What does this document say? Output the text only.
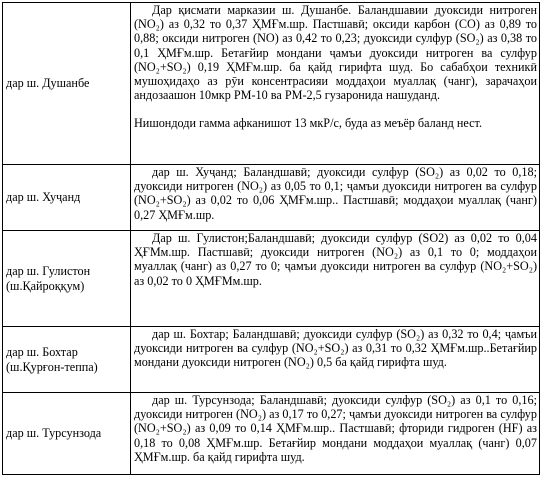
дар ш. Душанбе	Дар қисмати марказии ш. Душанбе. Баландшавии дуоксиди нитроген (NO₂) аз 0,32 то 0,37 ҲМҒм.шр. Пастшавӣ; оксиди карбон (СО) аз 0,89 то 0,88; оксиди нитроген (NO) аз 0,42 то 0,23; дуоксиди сулфур (SO₂) аз 0,38 то 0,1 ҲМҒм.шр. Бетағйир мондани ҷамъи дуоксиди нитроген ва сулфур (NO₂+SO₂) 0,19 ҲМҒм.шр. ба қайд гирифта шуд. Бо сабабҳои техникӣ мушоҳидаҳо аз рӯи консентрасияи моддаҳои муаллақ (чанг), зарачаҳои андозаашон 10мкр РМ-10 ва РМ-2,5 гузаронида нашуданд.

Нишондоди гамма афканишот 13 мкР/с, буда аз меъёр баланд нест.

дар ш. Хуҷанд	дар ш. Хуҷанд; Баландшавӣ; дуоксиди сулфур (SO₂) аз 0,02 то 0,18; дуоксиди нитроген (NO₂) аз 0,05 то 0,1; ҷамъи дуоксиди нитроген ва сулфур (NO₂+SO₂) аз 0,02 то 0,06 ҲМҒм.шр.. Пастшавӣ; моддаҳои муаллақ (чанг) 0,27 ҲМҒм.шр.

дар ш. Гулистон (ш.Қайроққум)	Дар ш. Гулистон;Баландшавӣ; дуоксиди сулфур (SO2) аз 0,02 то 0,04 ҲҒМм.шр. Пастшавӣ; дуоксиди нитроген (NO₂) аз 0,1 то 0; моддаҳои муаллақ (чанг) аз 0,27 то 0; ҷамъи дуоксиди нитроген ва сулфур (NO₂+SO₂) аз 0,02 то 0 ҲМҒМм.шр.

дар ш. Бохтар (ш.Қурғон-теппа)	дар ш. Бохтар; Баландшавӣ; дуоксиди сулфур (SO₂) аз 0,32 то 0,4; ҷамъи дуоксиди нитроген ва сулфур (NO₂+SO₂) аз 0,31 то 0,32 ҲМҒм.шр..Бетағйир мондани дуоксиди нитроген (NO₂) 0,5 ба қайд гирифта шуд.

дар ш. Турсунзода	дар ш. Турсунзода; Баландшавӣ; дуоксиди сулфур (SO₂) аз 0,1 то 0,16; дуоксиди нитроген (NO₂) аз 0,17 то 0,27; ҷамъи дуоксиди нитроген ва сулфур (NO₂+SO₂) аз 0,09 то 0,14 ҲМҒм.шр.. Пастшавӣ; фториди гидроген (HF) аз 0,18 то 0,08 ҲМҒм.шр. Бетағйир мондани моддаҳои муаллақ (чанг) 0,07 ҲМҒм.шр. ба қайд гирифта шуд.
